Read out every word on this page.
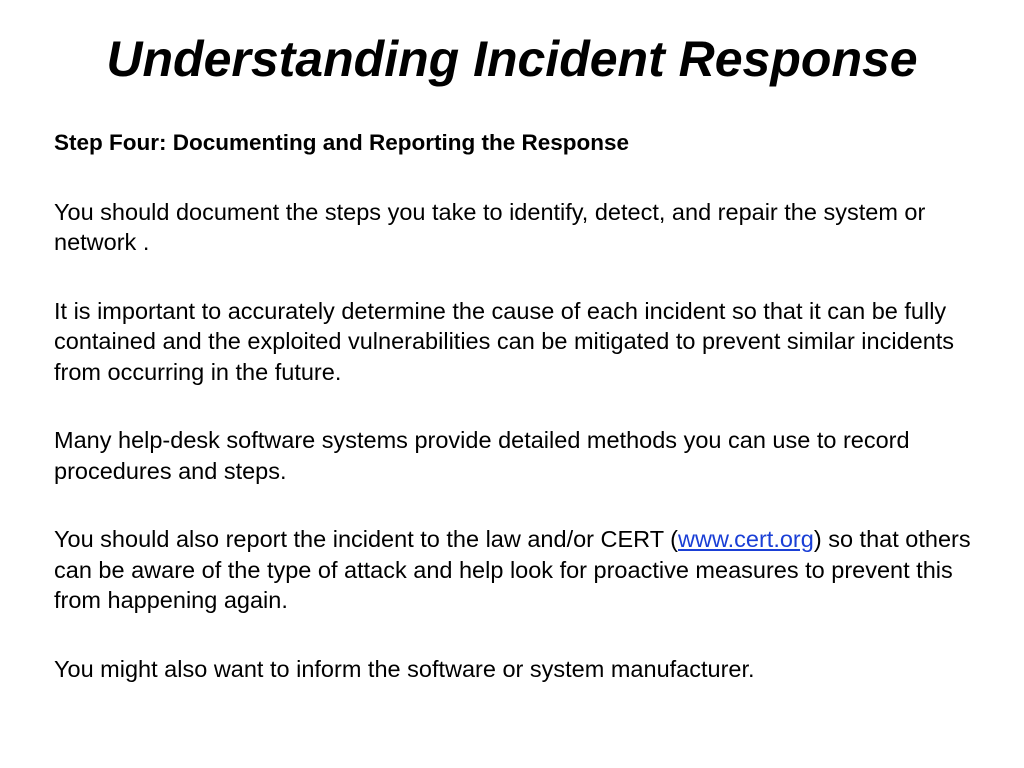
Understanding Incident Response

Step Four: Documenting and Reporting the Response

You should document the steps you take to identify, detect, and repair the system or network .

It is important to accurately determine the cause of each incident so that it can be fully contained and the exploited vulnerabilities can be mitigated to prevent similar incidents from occurring in the future.

Many help-desk software systems provide detailed methods you can use to record procedures and steps.

You should also report the incident to the law and/or CERT (www.cert.org) so that others can be aware of the type of attack and help look for proactive measures to prevent this from happening again.

You might also want to inform the software or system manufacturer.
